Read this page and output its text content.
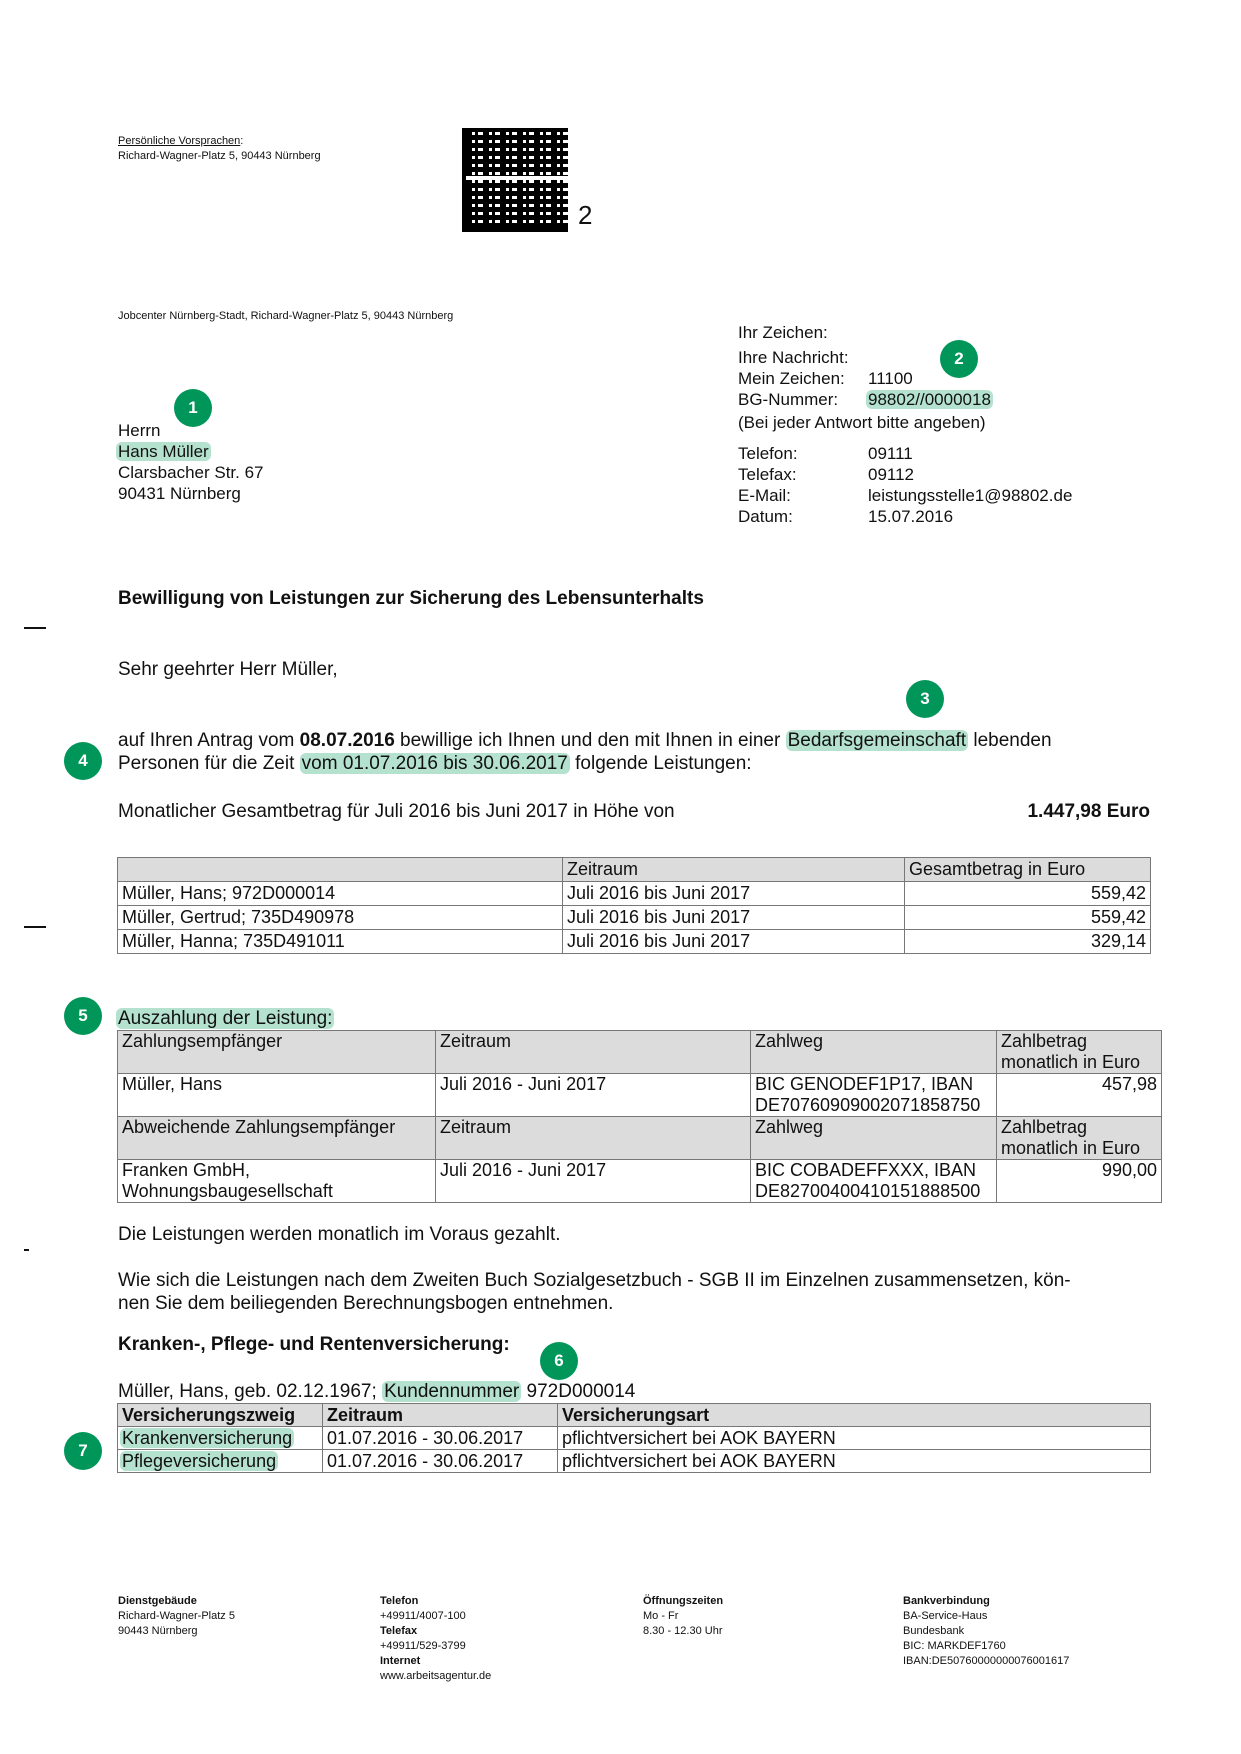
Persönliche Vorsprachen:
Richard-Wagner-Platz 5, 90443 Nürnberg
2
Jobcenter Nürnberg-Stadt, Richard-Wagner-Platz 5, 90443 Nürnberg
Herrn
Hans Müller
Clarsbacher Str. 67
90431 Nürnberg
1
Ihr Zeichen:
Ihre Nachricht:
Mein Zeichen: 11100
BG-Nummer: 98802//0000018
(Bei jeder Antwort bitte angeben)
Telefon:	09111
Telefax:	09112
E-Mail:	leistungsstelle1@98802.de
Datum:	15.07.2016
2
Bewilligung von Leistungen zur Sicherung des Lebensunterhalts
Sehr geehrter Herr Müller,
auf Ihren Antrag vom 08.07.2016 bewillige ich Ihnen und den mit Ihnen in einer Bedarfsgemeinschaft lebenden
Personen für die Zeit vom 01.07.2016 bis 30.06.2017 folgende Leistungen:
3
4
Monatlicher Gesamtbetrag für Juli 2016 bis Juni 2017 in Höhe von	1.447,98 Euro
	Zeitraum	Gesamtbetrag in Euro
Müller, Hans; 972D000014	Juli 2016 bis Juni 2017	559,42
Müller, Gertrud; 735D490978	Juli 2016 bis Juni 2017	559,42
Müller, Hanna; 735D491011	Juli 2016 bis Juni 2017	329,14
Auszahlung der Leistung:
5
Zahlungsempfänger	Zeitraum	Zahlweg	Zahlbetrag monatlich in Euro
Müller, Hans	Juli 2016 - Juni 2017	BIC GENODEF1P17, IBAN DE70760909002071858750	457,98
Abweichende Zahlungsempfänger	Zeitraum	Zahlweg	Zahlbetrag monatlich in Euro
Franken GmbH, Wohnungsbaugesellschaft	Juli 2016 - Juni 2017	BIC COBADEFFXXX, IBAN DE82700400410151888500	990,00
Die Leistungen werden monatlich im Voraus gezahlt.
Wie sich die Leistungen nach dem Zweiten Buch Sozialgesetzbuch - SGB II im Einzelnen zusammensetzen, kön-
nen Sie dem beiliegenden Berechnungsbogen entnehmen.
Kranken-, Pflege- und Rentenversicherung:
6
Müller, Hans, geb. 02.12.1967; Kundennummer 972D000014
Versicherungszweig	Zeitraum	Versicherungsart
Krankenversicherung	01.07.2016 - 30.06.2017	pflichtversichert bei AOK BAYERN
Pflegeversicherung	01.07.2016 - 30.06.2017	pflichtversichert bei AOK BAYERN
7
Dienstgebäude
Richard-Wagner-Platz 5
90443 Nürnberg
Telefon
+49911/4007-100
Telefax
+49911/529-3799
Internet
www.arbeitsagentur.de
Öffnungszeiten
Mo - Fr
8.30 - 12.30 Uhr
Bankverbindung
BA-Service-Haus
Bundesbank
BIC: MARKDEF1760
IBAN:DE50760000000076001617
